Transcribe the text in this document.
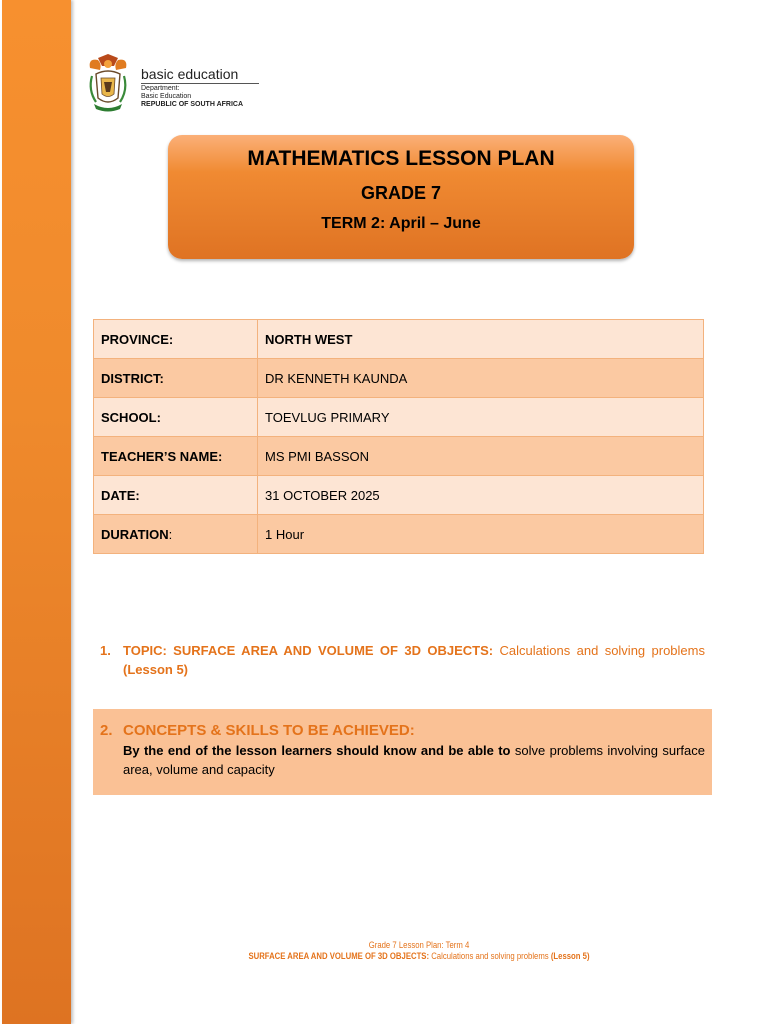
basic education
Department:
Basic Education
REPUBLIC OF SOUTH AFRICA
MATHEMATICS LESSON PLAN
GRADE 7
TERM 2: April – June
PROVINCE:	NORTH WEST
DISTRICT:	DR KENNETH KAUNDA
SCHOOL:	TOEVLUG PRIMARY
TEACHER’S NAME:	MS PMI BASSON
DATE:	31 OCTOBER 2025
DURATION:	1 Hour
1. TOPIC: SURFACE AREA AND VOLUME OF 3D OBJECTS: Calculations and solving problems (Lesson 5)
2. CONCEPTS & SKILLS TO BE ACHIEVED:
By the end of the lesson learners should know and be able to solve problems involving surface area, volume and capacity
Grade 7 Lesson Plan: Term 4
SURFACE AREA AND VOLUME OF 3D OBJECTS: Calculations and solving problems (Lesson 5)
